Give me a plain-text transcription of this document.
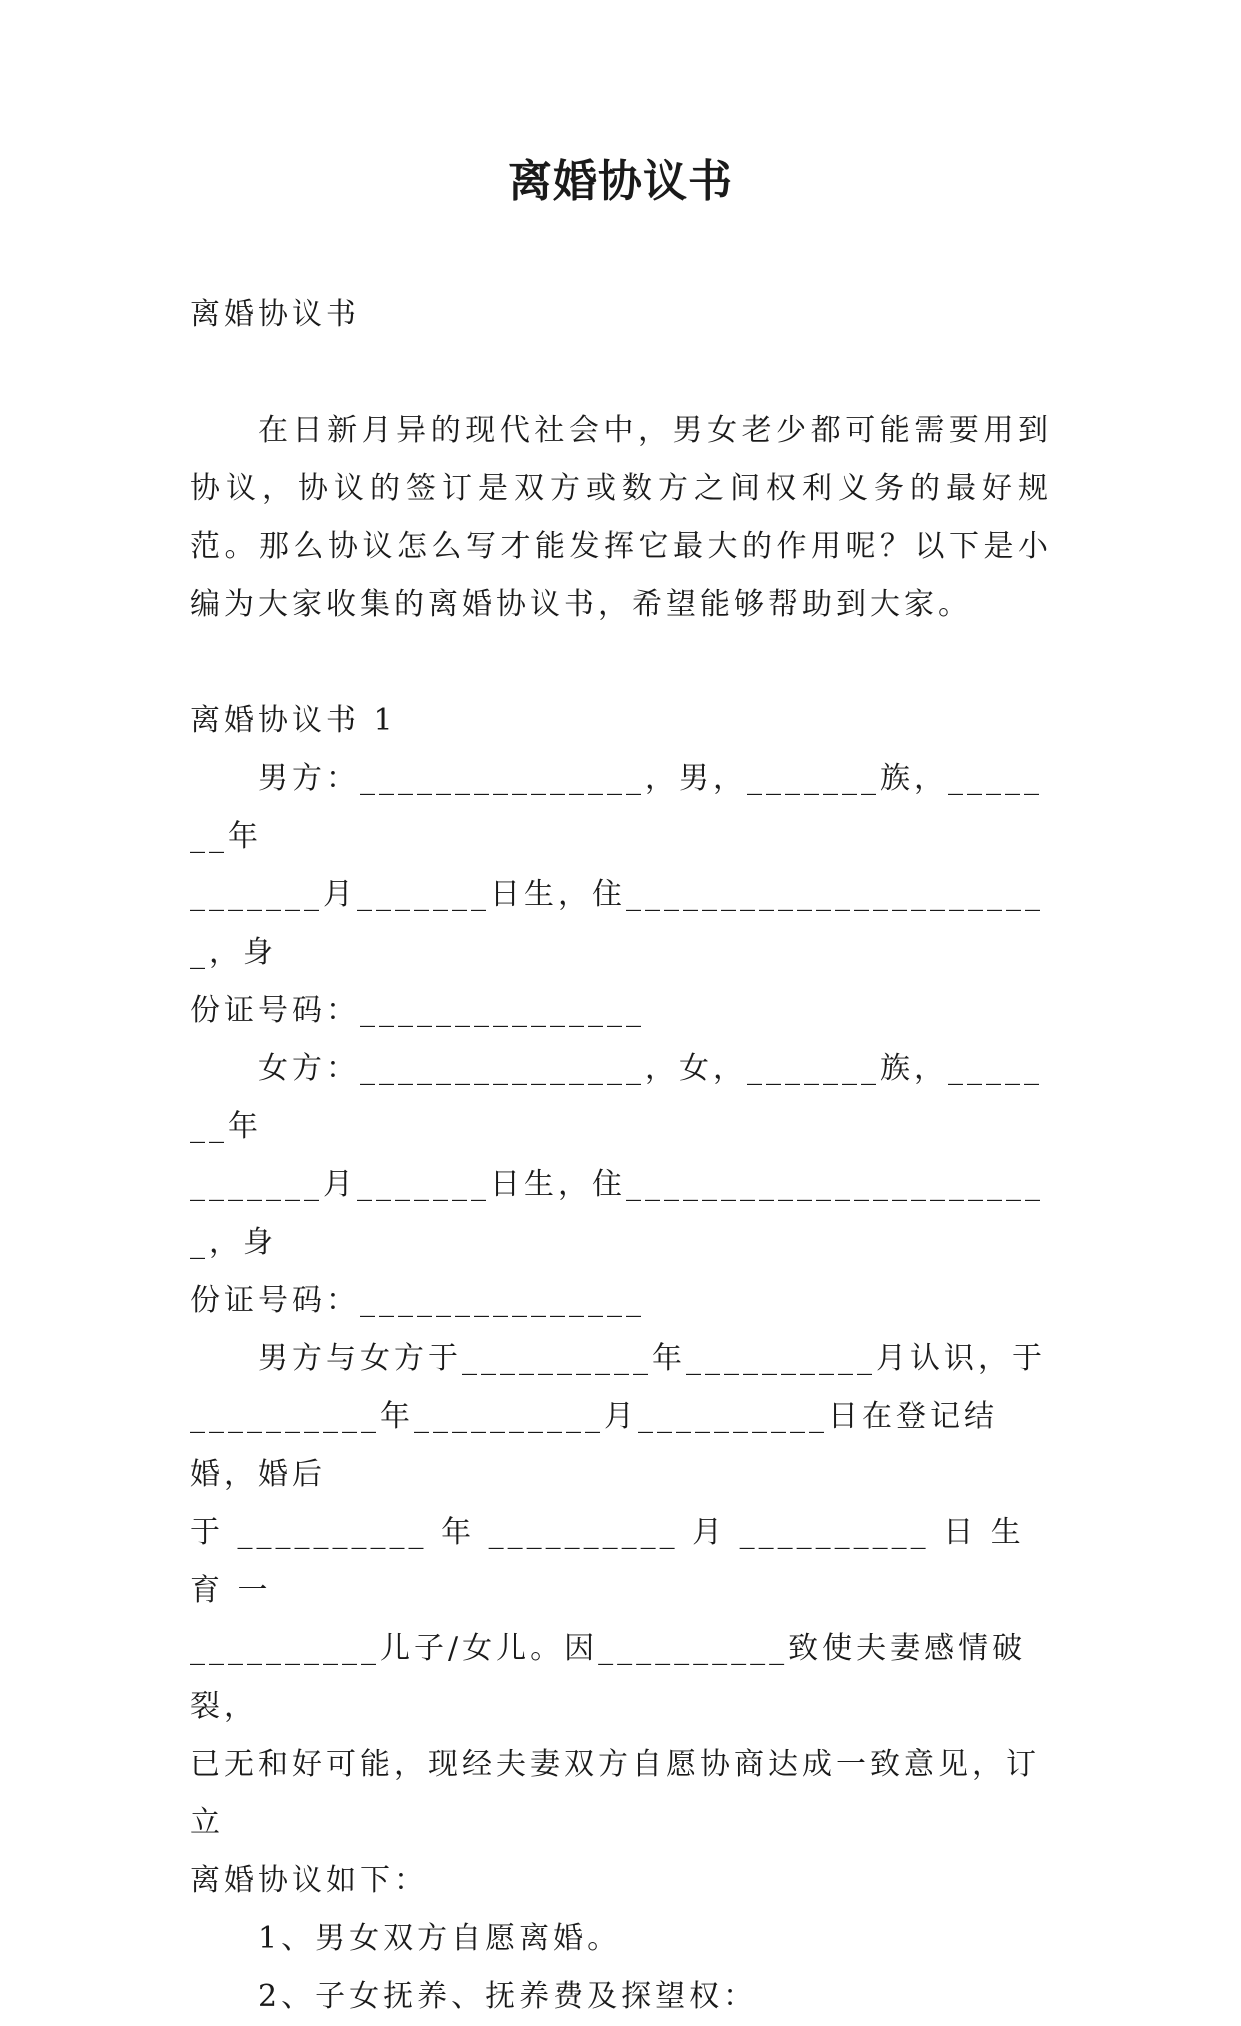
离婚协议书

离婚协议书

在日新月异的现代社会中，男女老少都可能需要用到协议，协议的签订是双方或数方之间权利义务的最好规范。那么协议怎么写才能发挥它最大的作用呢？以下是小编为大家收集的离婚协议书，希望能够帮助到大家。

离婚协议书 1

男方：_______________，男，_______族，_______年

_______月_______日生，住_______________________，身

份证号码：_______________

女方：_______________，女，_______族，_______年

_______月_______日生，住_______________________，身

份证号码：_______________

男方与女方于__________年__________月认识，于

__________年__________月__________日在登记结婚，婚后

于 __________ 年 __________ 月 __________ 日 生 育 一

__________儿子/女儿。因__________致使夫妻感情破裂，

已无和好可能，现经夫妻双方自愿协商达成一致意见，订立

离婚协议如下：

1、男女双方自愿离婚。

2、子女抚养、抚养费及探望权：
